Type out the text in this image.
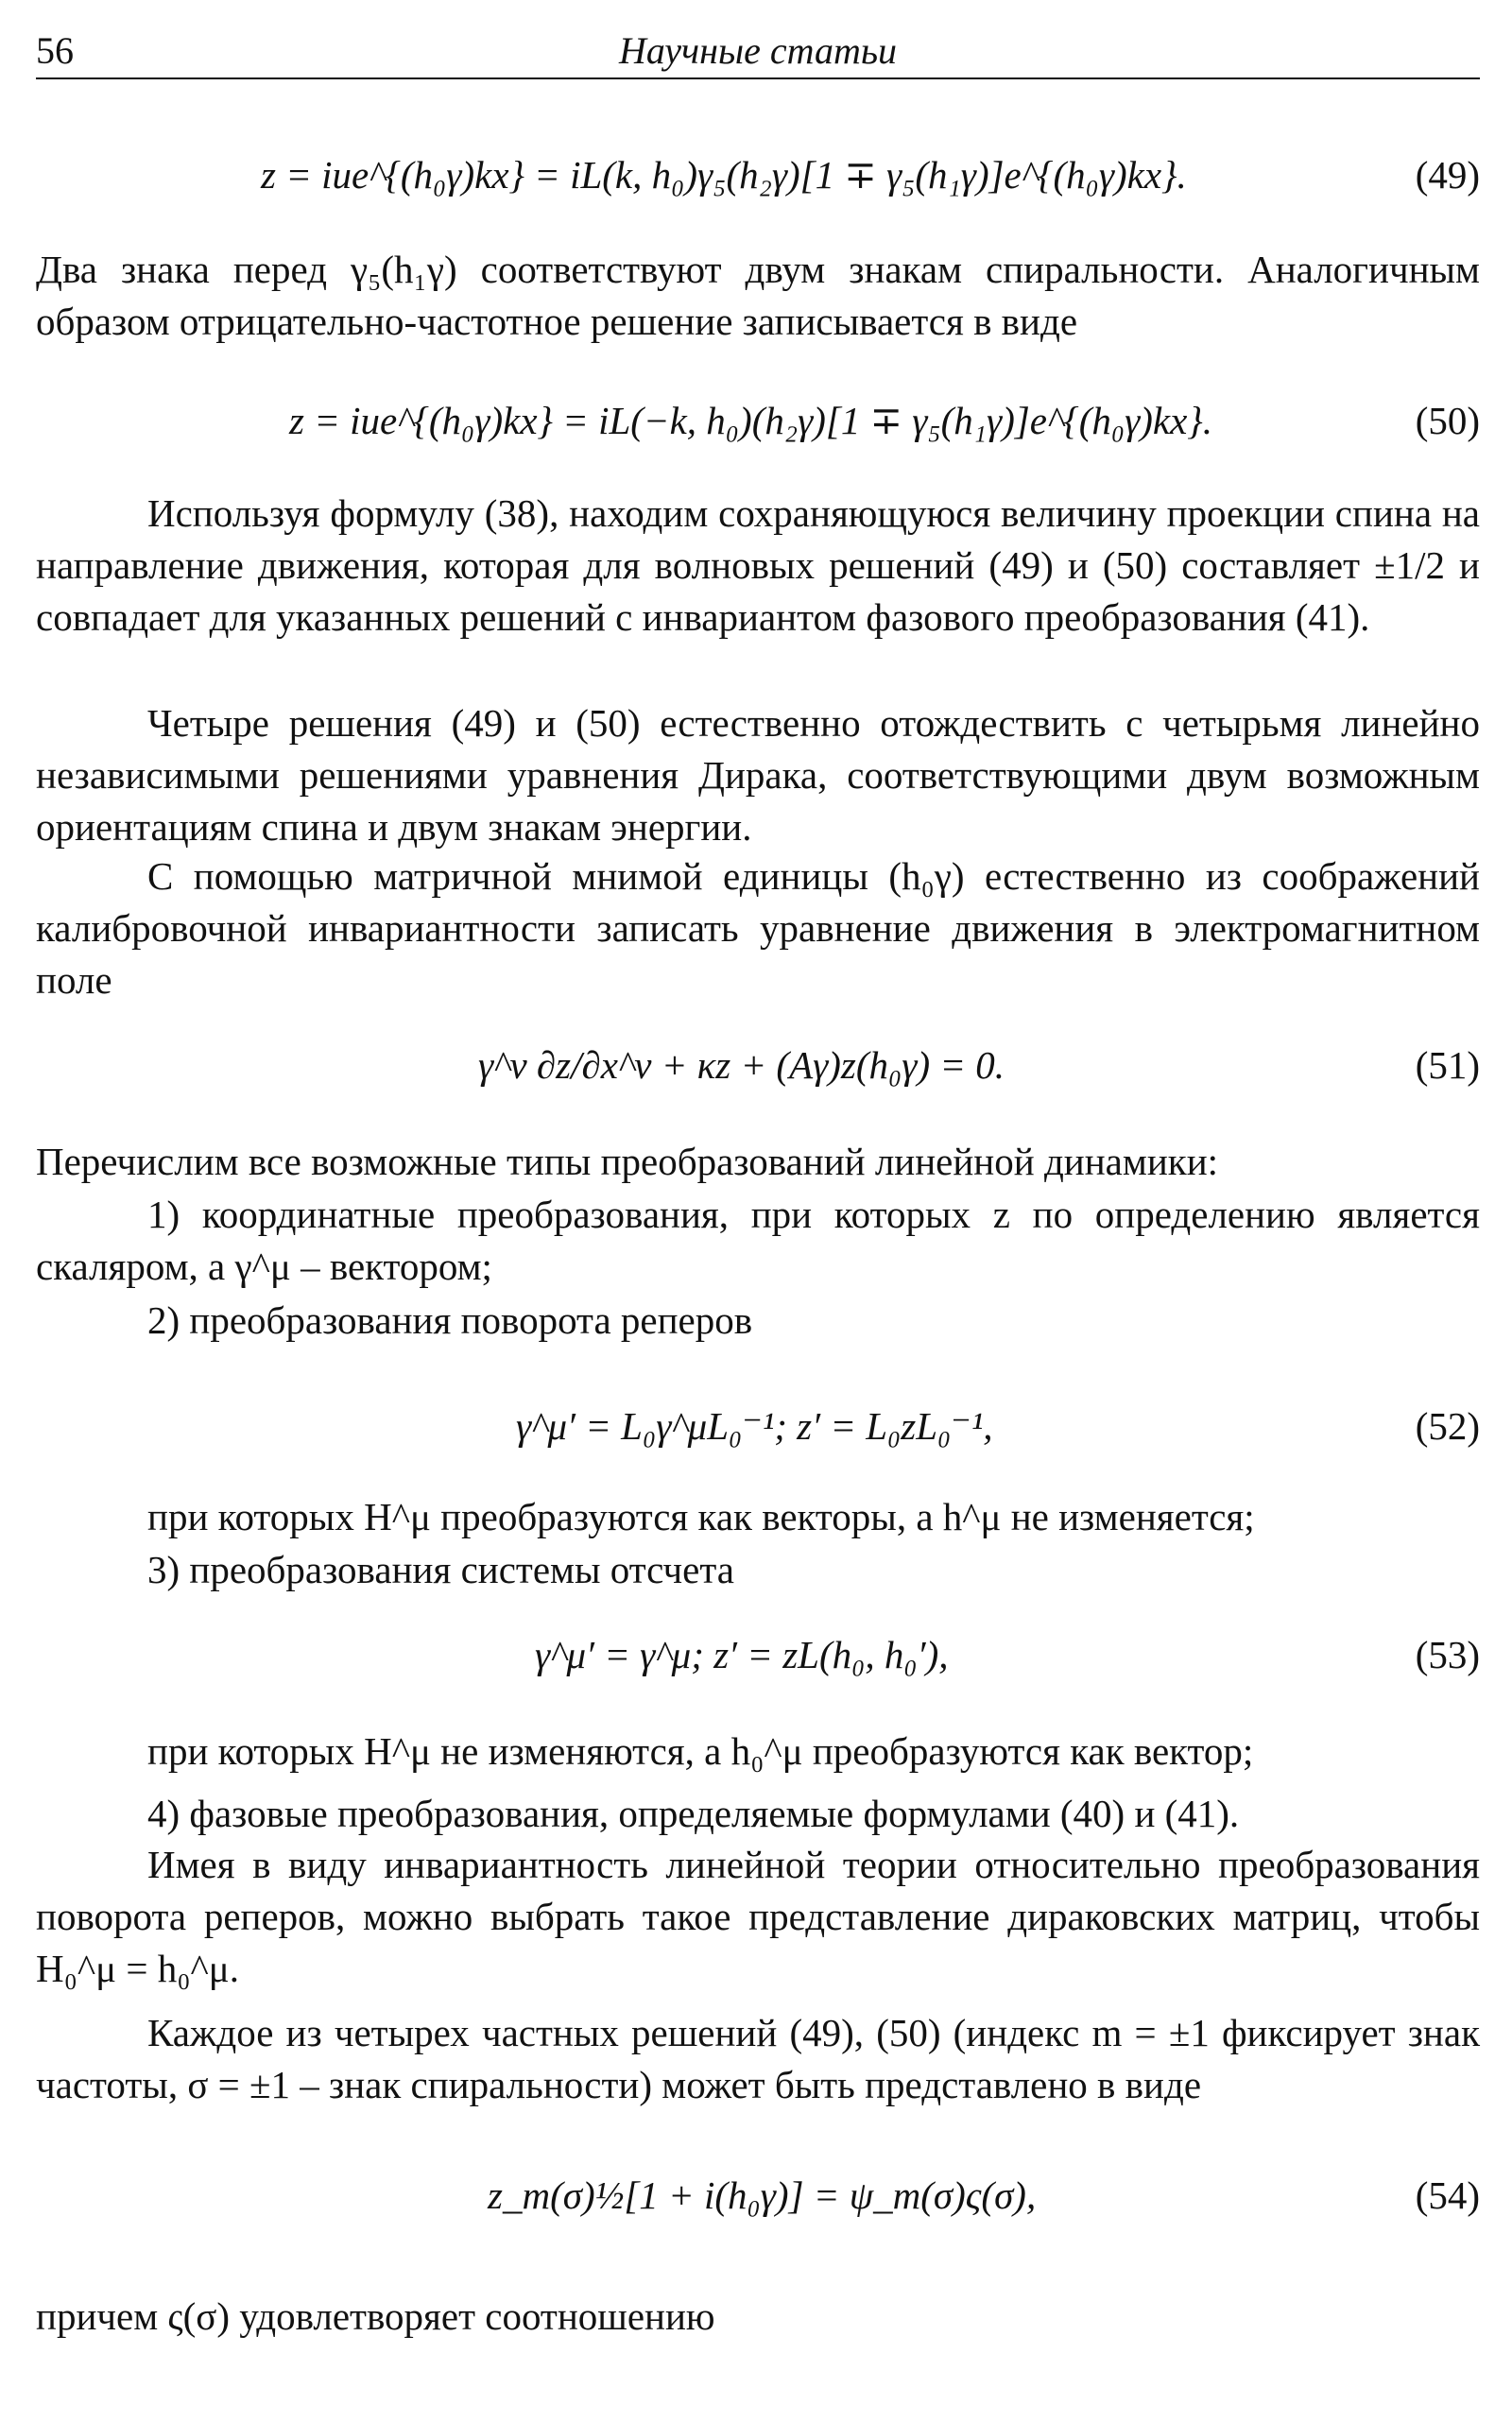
56	Научные статьи
z = iue^{(h₀γ)kx} = iL(k, h₀)γ₅(h₂γ)[1 ∓ γ₅(h₁γ)]e^{(h₀γ)kx}.	(49)

Два знака перед γ₅(h₁γ) соответствуют двум знакам спиральности. Аналогичным образом отрицательно-частотное решение записывается в виде

z = iue^{(h₀γ)kx} = iL(−k, h₀)(h₂γ)[1 ∓ γ₅(h₁γ)]e^{(h₀γ)kx}.	(50)

Используя формулу (38), находим сохраняющуюся величину проекции спина на направление движения, которая для волновых решений (49) и (50) составляет ±1/2 и совпадает для указанных решений с инвариантом фазового преобразования (41).

Четыре решения (49) и (50) естественно отождествить с четырьмя линейно независимыми решениями уравнения Дирака, соответствующими двум возможным ориентациям спина и двум знакам энергии.

С помощью матричной мнимой единицы (h₀γ) естественно из соображений калибровочной инвариантности записать уравнение движения в электромагнитном поле

γ^ν ∂z/∂x^ν + κz + (Aγ)z(h₀γ) = 0.	(51)

Перечислим все возможные типы преобразований линейной динамики:

1) координатные преобразования, при которых z по определению является скаляром, а γ^μ – вектором;

2) преобразования поворота реперов

γ^μ′ = L₀γ^μL₀⁻¹; z′ = L₀zL₀⁻¹,	(52)

при которых H^μ преобразуются как векторы, а h^μ не изменяется;

3) преобразования системы отсчета

γ^μ′ = γ^μ; z′ = zL(h₀, h₀′),	(53)

при которых H^μ не изменяются, а h₀^μ преобразуются как вектор;

4) фазовые преобразования, определяемые формулами (40) и (41).

Имея в виду инвариантность линейной теории относительно преобразования поворота реперов, можно выбрать такое представление дираковских матриц, чтобы H₀^μ = h₀^μ.

Каждое из четырех частных решений (49), (50) (индекс m = ±1 фиксирует знак частоты, σ = ±1 – знак спиральности) может быть представлено в виде

z_m(σ)½[1 + i(h₀γ)] = ψ_m(σ)ς(σ),	(54)

причем ς(σ) удовлетворяет соотношению
